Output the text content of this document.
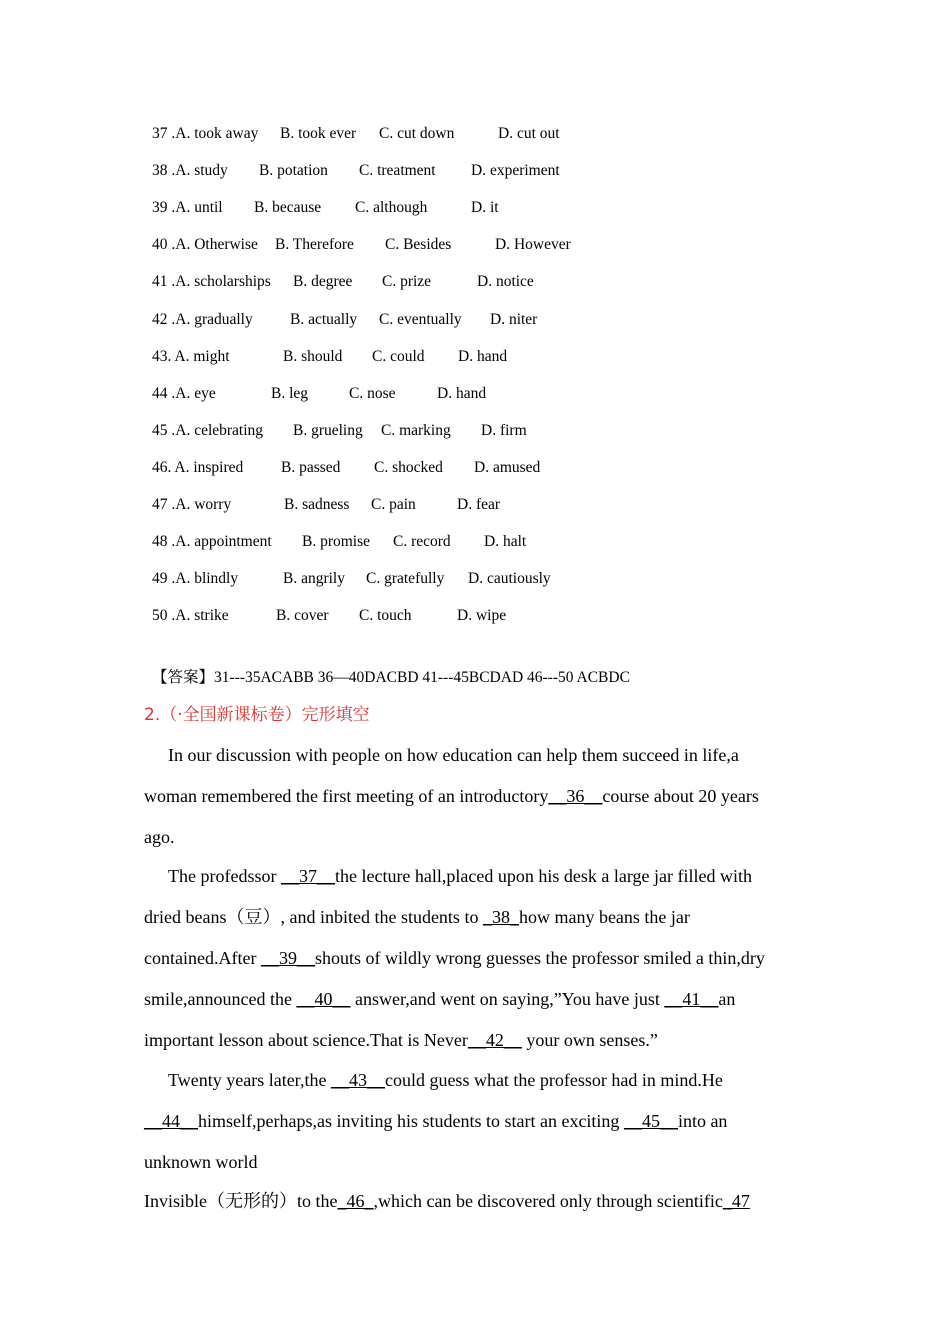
37 .A. took away B. took ever C. cut down	D. cut out
38 .A. study B. potation C. treatment D. experiment
39 .A. until B. because C. although	D. it
40 .A. Otherwise B. Therefore C. Besides	D. However
41 .A. scholarships B. degree C. prize	D. notice
42 .A. gradually B. actually C. eventually D. niter
43. A. might	B. should C. could D. hand
44 .A. eye	B. leg	C. nose	D. hand
45 .A. celebrating B. grueling C. marking D. firm
46. A. inspired B. passed C. shocked D. amused
47 .A. worry	B. sadness C. pain	D. fear
48 .A. appointment B. promise C. record D. halt
49 .A. blindly	B. angrily C. gratefully D. cautiously
50 .A. strike	B. cover C. touch	D. wipe
【答案】31---35ACABB 36—40DACBD 41---45BCDAD 46---50 ACBDC
2.（·全国新课标卷）完形填空
In our discussion with people on how education can help them succeed in life,a
woman remembered the first meeting of an introductory__36__course about 20 years
ago.
The profedssor __37__the lecture hall,placed upon his desk a large jar filled with
dried beans（豆）, and inbited the students to _38_how many beans the jar
contained.After __39__shouts of wildly wrong guesses the professor smiled a thin,dry
smile,announced the __40__ answer,and went on saying,”You have just __41__an
important lesson about science.That is Never__42__ your own senses.”
Twenty years later,the __43__could guess what the professor had in mind.He
__44__himself,perhaps,as inviting his students to start an exciting __45__into an
unknown world
Invisible（无形的）to the_46_,which can be discovered only through scientific_47
